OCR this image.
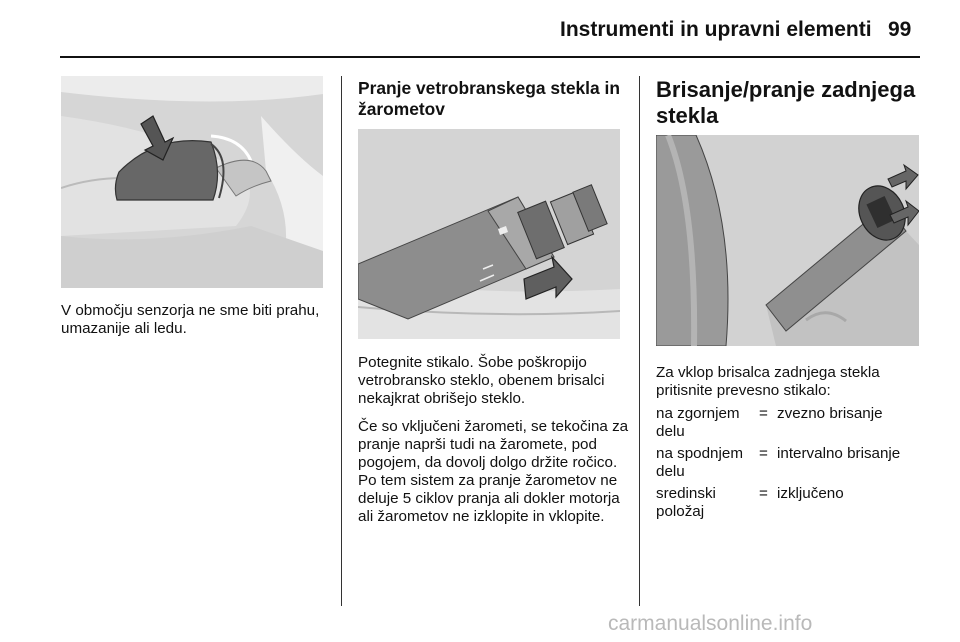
Instrumenti in upravni elementi 99
V območju senzorja ne sme biti prahu, umazanije ali ledu.
Pranje vetrobranskega stekla in žarometov
Potegnite stikalo. Šobe poškropijo vetrobransko steklo, obenem brisalci nekajkrat obrišejo steklo.
Če so vključeni žarometi, se tekočina za pranje naprši tudi na žaromete, pod pogojem, da dovolj dolgo držite ročico. Po tem sistem za pranje žarometov ne deluje 5 ciklov pranja ali dokler motorja ali žarometov ne izklopite in vklopite.
Brisanje/pranje zadnjega stekla
Za vklop brisalca zadnjega stekla pritisnite prevesno stikalo:
na zgornjem delu
= zvezno brisanje
na spodnjem delu
= intervalno brisanje
sredinski položaj
= izključeno
carmanualsonline.info
